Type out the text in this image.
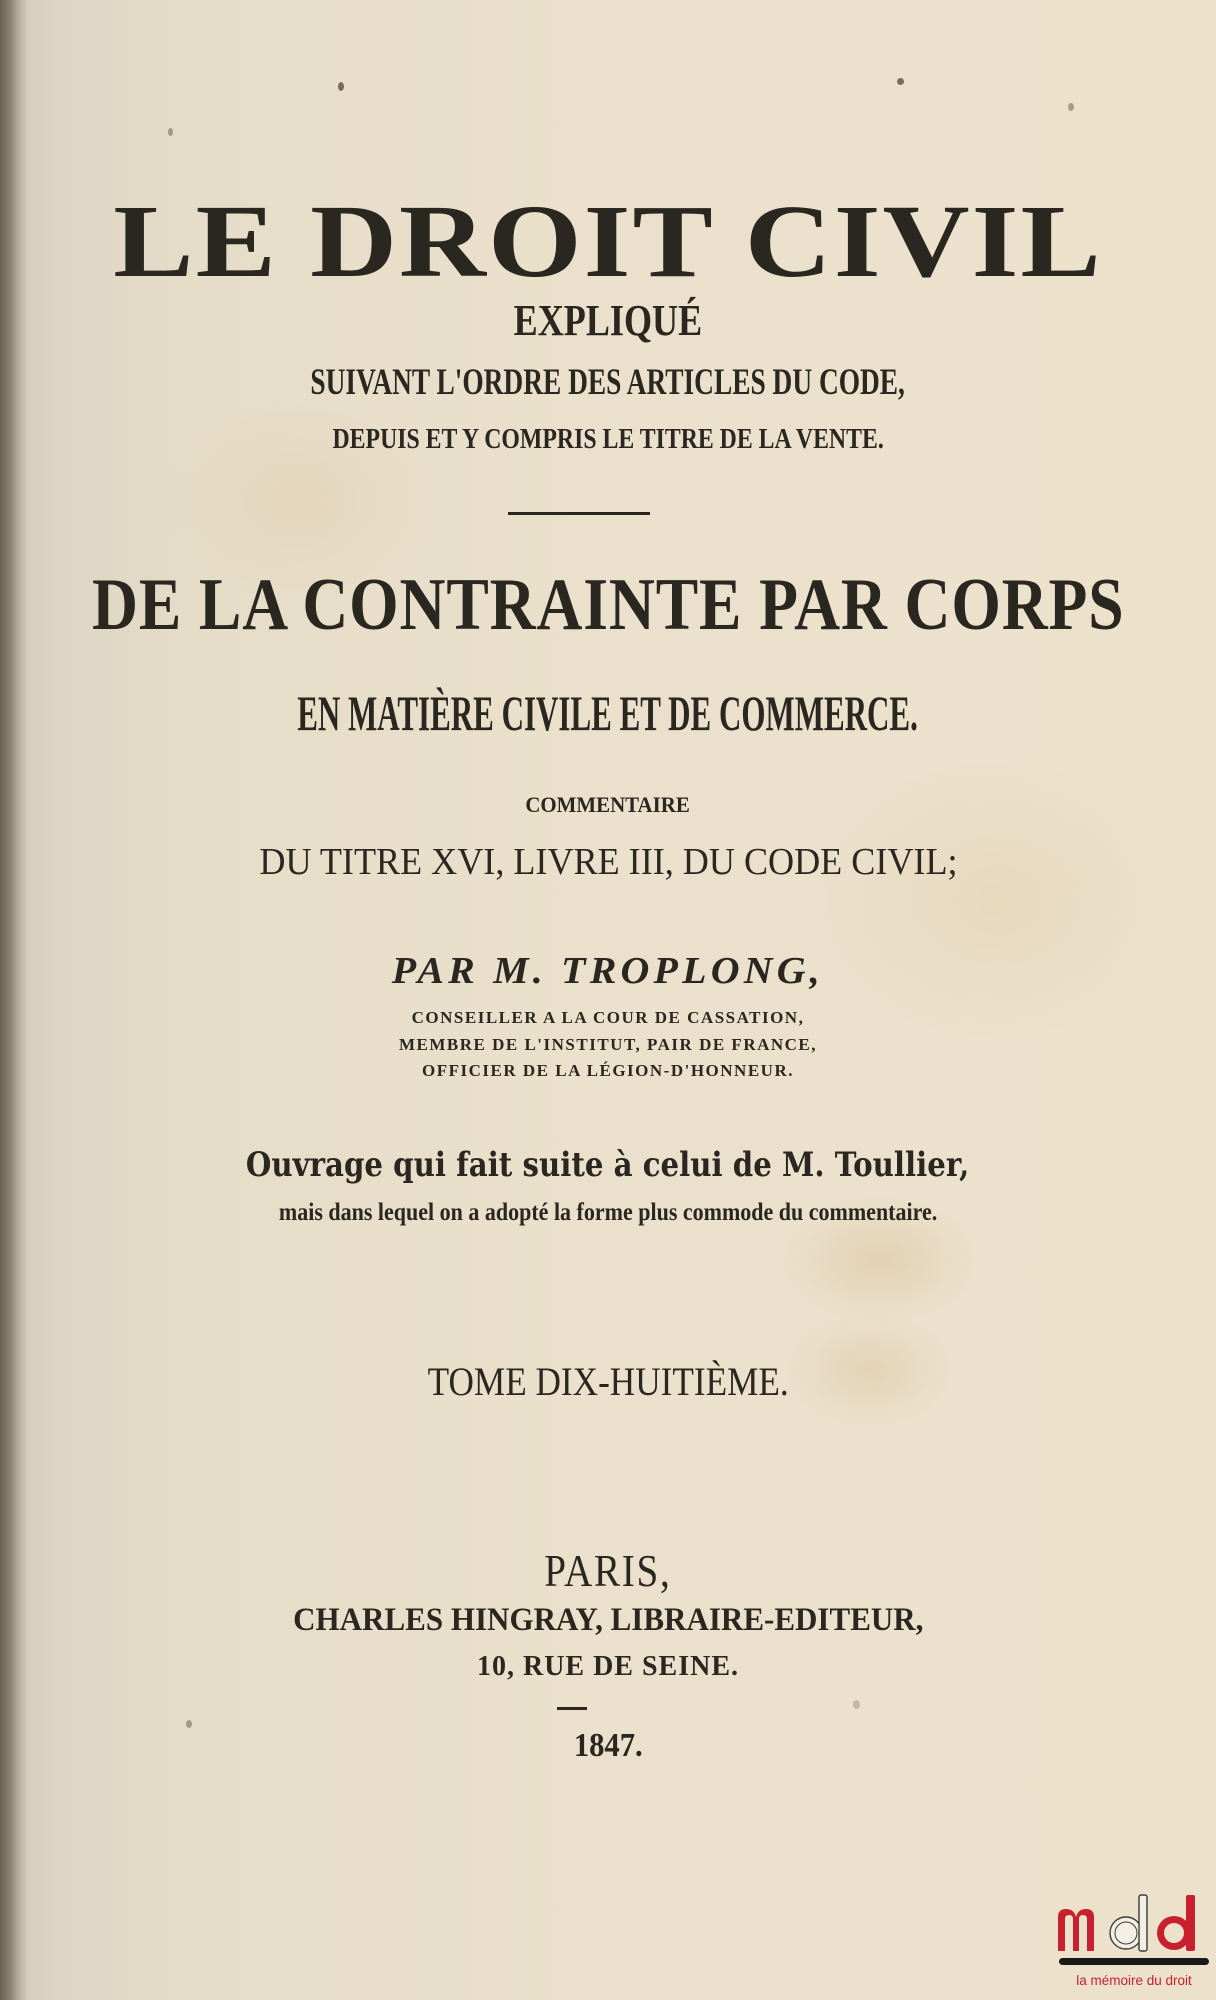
LE DROIT CIVIL
EXPLIQUÉ
SUIVANT L'ORDRE DES ARTICLES DU CODE,
DEPUIS ET Y COMPRIS LE TITRE DE LA VENTE.
DE LA CONTRAINTE PAR CORPS
EN MATIÈRE CIVILE ET DE COMMERCE.
COMMENTAIRE
DU TITRE XVI, LIVRE III, DU CODE CIVIL;
PAR M. TROPLONG,
CONSEILLER A LA COUR DE CASSATION,
MEMBRE DE L'INSTITUT, PAIR DE FRANCE,
OFFICIER DE LA LÉGION-D'HONNEUR.
Ouvrage qui fait suite à celui de M. Toullier,
mais dans lequel on a adopté la forme plus commode du commentaire.
TOME DIX-HUITIÈME.
PARIS,
CHARLES HINGRAY, LIBRAIRE-EDITEUR,
10, RUE DE SEINE.
1847.
la mémoire du droit
